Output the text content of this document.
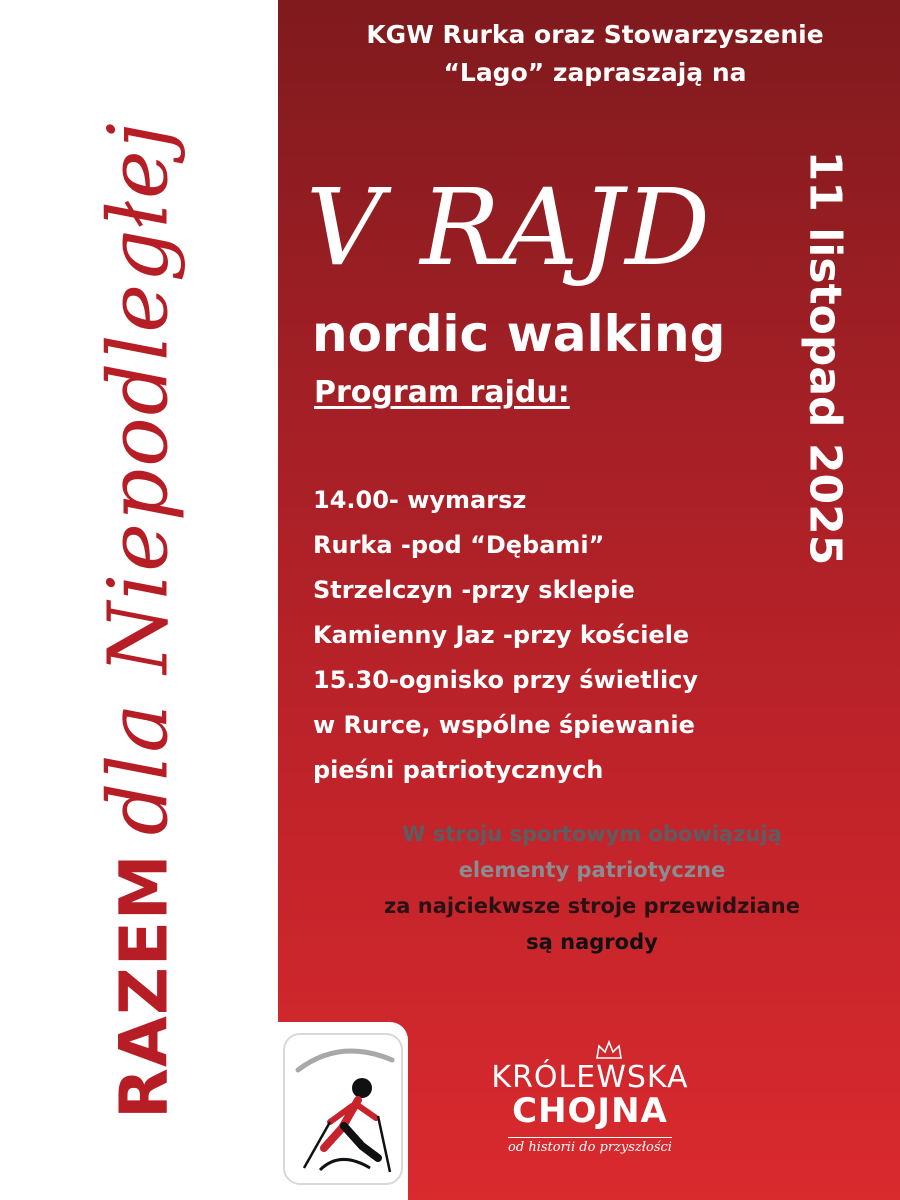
RAZEM
dla Niepodległej
KGW Rurka oraz Stowarzyszenie
“Lago” zapraszają na
V RAJD
nordic walking
Program rajdu:
14.00- wymarsz
Rurka -pod “Dębami”
Strzelczyn -przy sklepie
Kamienny Jaz -przy kościele
15.30-ognisko przy świetlicy
w Rurce, wspólne śpiewanie
pieśni patriotycznych
11 listopad 2025
W stroju sportowym obowiązują
elementy patriotyczne
za najciekwsze stroje przewidziane
są nagrody
KRÓLEWSKA
CHOJNA
od historii do przyszłości
